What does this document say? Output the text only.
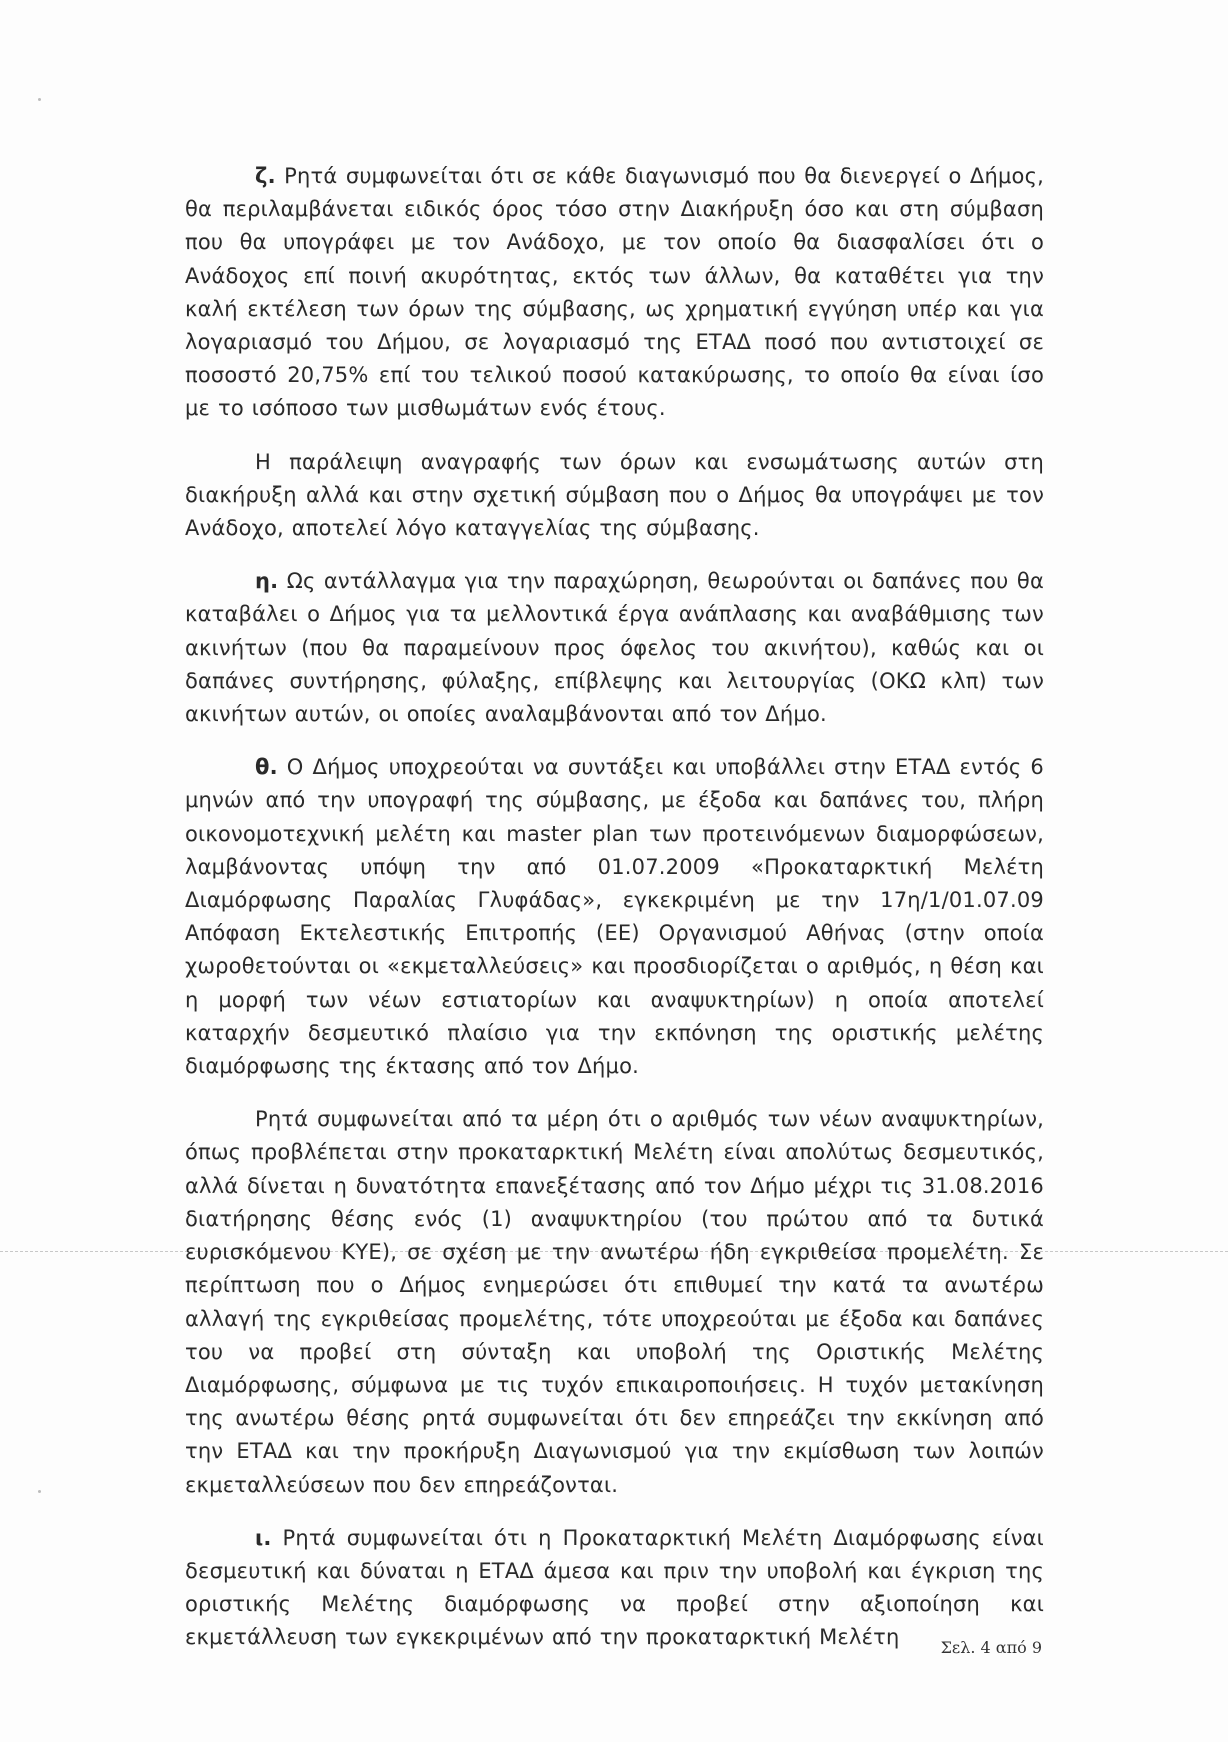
ζ. Ρητά συμφωνείται ότι σε κάθε διαγωνισμό που θα διενεργεί ο Δήμος, θα περιλαμβάνεται ειδικός όρος τόσο στην Διακήρυξη όσο και στη σύμβαση που θα υπογράφει με τον Ανάδοχο, με τον οποίο θα διασφαλίσει ότι ο Ανάδοχος επί ποινή ακυρότητας, εκτός των άλλων, θα καταθέτει για την καλή εκτέλεση των όρων της σύμβασης, ως χρηματική εγγύηση υπέρ και για λογαριασμό του Δήμου, σε λογαριασμό της ΕΤΑΔ ποσό που αντιστοιχεί σε ποσοστό 20,75% επί του τελικού ποσού κατακύρωσης, το οποίο θα είναι ίσο με το ισόποσο των μισθωμάτων ενός έτους.

Η παράλειψη αναγραφής των όρων και ενσωμάτωσης αυτών στη διακήρυξη αλλά και στην σχετική σύμβαση που ο Δήμος θα υπογράψει με τον Ανάδοχο, αποτελεί λόγο καταγγελίας της σύμβασης.

η. Ως αντάλλαγμα για την παραχώρηση, θεωρούνται οι δαπάνες που θα καταβάλει ο Δήμος για τα μελλοντικά έργα ανάπλασης και αναβάθμισης των ακινήτων (που θα παραμείνουν προς όφελος του ακινήτου), καθώς και οι δαπάνες συντήρησης, φύλαξης, επίβλεψης και λειτουργίας (ΟΚΩ κλπ) των ακινήτων αυτών, οι οποίες αναλαμβάνονται από τον Δήμο.

θ. Ο Δήμος υποχρεούται να συντάξει και υποβάλλει στην ΕΤΑΔ εντός 6 μηνών από την υπογραφή της σύμβασης, με έξοδα και δαπάνες του, πλήρη οικονομοτεχνική μελέτη και master plan των προτεινόμενων διαμορφώσεων, λαμβάνοντας υπόψη την από 01.07.2009 «Προκαταρκτική Μελέτη Διαμόρφωσης Παραλίας Γλυφάδας», εγκεκριμένη με την 17η/1/01.07.09 Απόφαση Εκτελεστικής Επιτροπής (ΕΕ) Οργανισμού Αθήνας (στην οποία χωροθετούνται οι «εκμεταλλεύσεις» και προσδιορίζεται ο αριθμός, η θέση και η μορφή των νέων εστιατορίων και αναψυκτηρίων) η οποία αποτελεί καταρχήν δεσμευτικό πλαίσιο για την εκπόνηση της οριστικής μελέτης διαμόρφωσης της έκτασης από τον Δήμο.

Ρητά συμφωνείται από τα μέρη ότι ο αριθμός των νέων αναψυκτηρίων, όπως προβλέπεται στην προκαταρκτική Μελέτη είναι απολύτως δεσμευτικός, αλλά δίνεται η δυνατότητα επανεξέτασης από τον Δήμο μέχρι τις 31.08.2016 διατήρησης θέσης ενός (1) αναψυκτηρίου (του πρώτου από τα δυτικά ευρισκόμενου ΚΥΕ), σε σχέση με την ανωτέρω ήδη εγκριθείσα προμελέτη. Σε περίπτωση που ο Δήμος ενημερώσει ότι επιθυμεί την κατά τα ανωτέρω αλλαγή της εγκριθείσας προμελέτης, τότε υποχρεούται με έξοδα και δαπάνες του να προβεί στη σύνταξη και υποβολή της Οριστικής Μελέτης Διαμόρφωσης, σύμφωνα με τις τυχόν επικαιροποιήσεις. Η τυχόν μετακίνηση της ανωτέρω θέσης ρητά συμφωνείται ότι δεν επηρεάζει την εκκίνηση από την ΕΤΑΔ και την προκήρυξη Διαγωνισμού για την εκμίσθωση των λοιπών εκμεταλλεύσεων που δεν επηρεάζονται.

ι. Ρητά συμφωνείται ότι η Προκαταρκτική Μελέτη Διαμόρφωσης είναι δεσμευτική και δύναται η ΕΤΑΔ άμεσα και πριν την υποβολή και έγκριση της οριστικής Μελέτης διαμόρφωσης να προβεί στην αξιοποίηση και εκμετάλλευση των εγκεκριμένων από την προκαταρκτική Μελέτη	Σελ. 4 από 9
